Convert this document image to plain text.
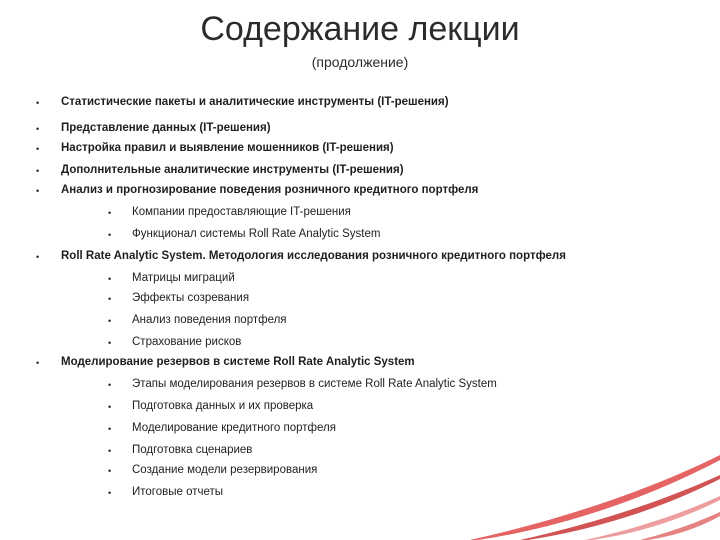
Содержание лекции
(продолжение)
• Статистические пакеты и аналитические инструменты (IT-решения)
• Представление данных (IT-решения)
• Настройка правил и выявление мошенников (IT-решения)
• Дополнительные аналитические инструменты (IT-решения)
• Анализ и прогнозирование поведения розничного кредитного портфеля
• Компании предоставляющие IT-решения
• Функционал системы Roll Rate Analytic System
• Roll Rate Analytic System. Методология исследования розничного кредитного портфеля
• Матрицы миграций
• Эффекты созревания
• Анализ поведения портфеля
• Страхование рисков
• Моделирование резервов в системе Roll Rate Analytic System
• Этапы моделирования резервов в системе Roll Rate Analytic System
• Подготовка данных и их проверка
• Моделирование кредитного портфеля
• Подготовка сценариев
• Создание модели резервирования
• Итоговые отчеты
